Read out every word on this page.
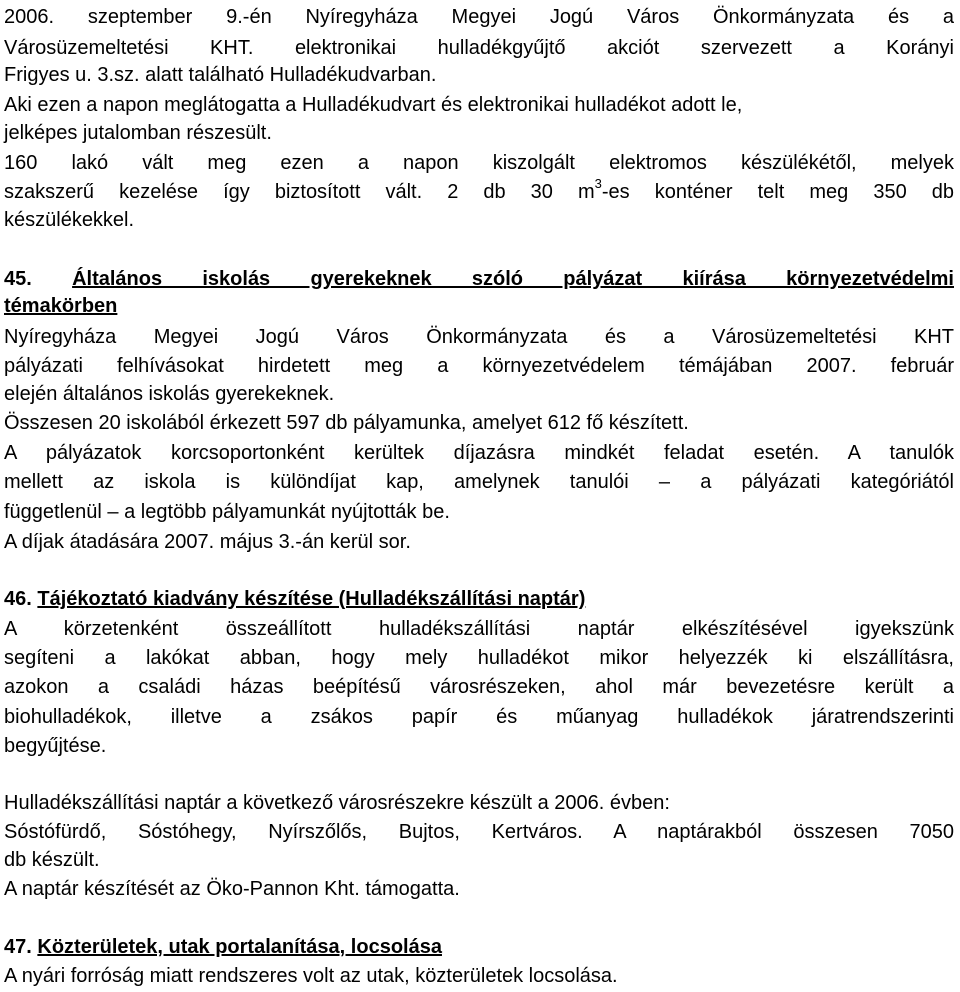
2006. szeptember 9.-én Nyíregyháza Megyei Jogú Város Önkormányzata és a
Városüzemeltetési KHT. elektronikai hulladékgyűjtő akciót szervezett a Korányi
Frigyes u. 3.sz. alatt található Hulladékudvarban.
Aki ezen a napon meglátogatta a Hulladékudvart és elektronikai hulladékot adott le,
jelképes jutalomban részesült.
160 lakó vált meg ezen a napon kiszolgált elektromos készülékétől, melyek
szakszerű kezelése így biztosított vált. 2 db 30 $m^3-es$ konténer telt meg 350 db
készülékekkel.
45. Általános iskolás gyerekeknek szóló pályázat kiírása környezetvédelmi
témakörben
Nyíregyháza Megyei Jogú Város Önkormányzata és a Városüzemeltetési KHT
pályázati felhívásokat hirdetett meg a környezetvédelem témájában 2007. február
elején általános iskolás gyerekeknek.
Összesen 20 iskolából érkezett 597 db pályamunka, amelyet 612 fő készített.
A pályázatok korcsoportonként kerültek díjazásra mindkét feladat esetén. A tanulók
mellett az iskola is különdíjat kap, amelynek tanulói – a pályázati kategóriától
függetlenül – a legtöbb pályamunkát nyújtották be.
A díjak átadására 2007. május 3.-án kerül sor.
46. Tájékoztató kiadvány készítése (Hulladékszállítási naptár)
A körzetenként összeállított hulladékszállítási naptár elkészítésével igyekszünk
segíteni a lakókat abban, hogy mely hulladékot mikor helyezzék ki elszállításra,
azokon a családi házas beépítésű városrészeken, ahol már bevezetésre került a
biohulladékok, illetve a zsákos papír és műanyag hulladékok járatrendszerinti
begyűjtése.
Hulladékszállítási naptár a következő városrészekre készült a 2006. évben:
Sóstófürdő, Sóstóhegy, Nyírszőlős, Bujtos, Kertváros. A naptárakból összesen 7050
db készült.
A naptár készítését az Öko-Pannon Kht. támogatta.
47. Közterületek, utak portalanítása, locsolása
A nyári forróság miatt rendszeres volt az utak, közterületek locsolása.
